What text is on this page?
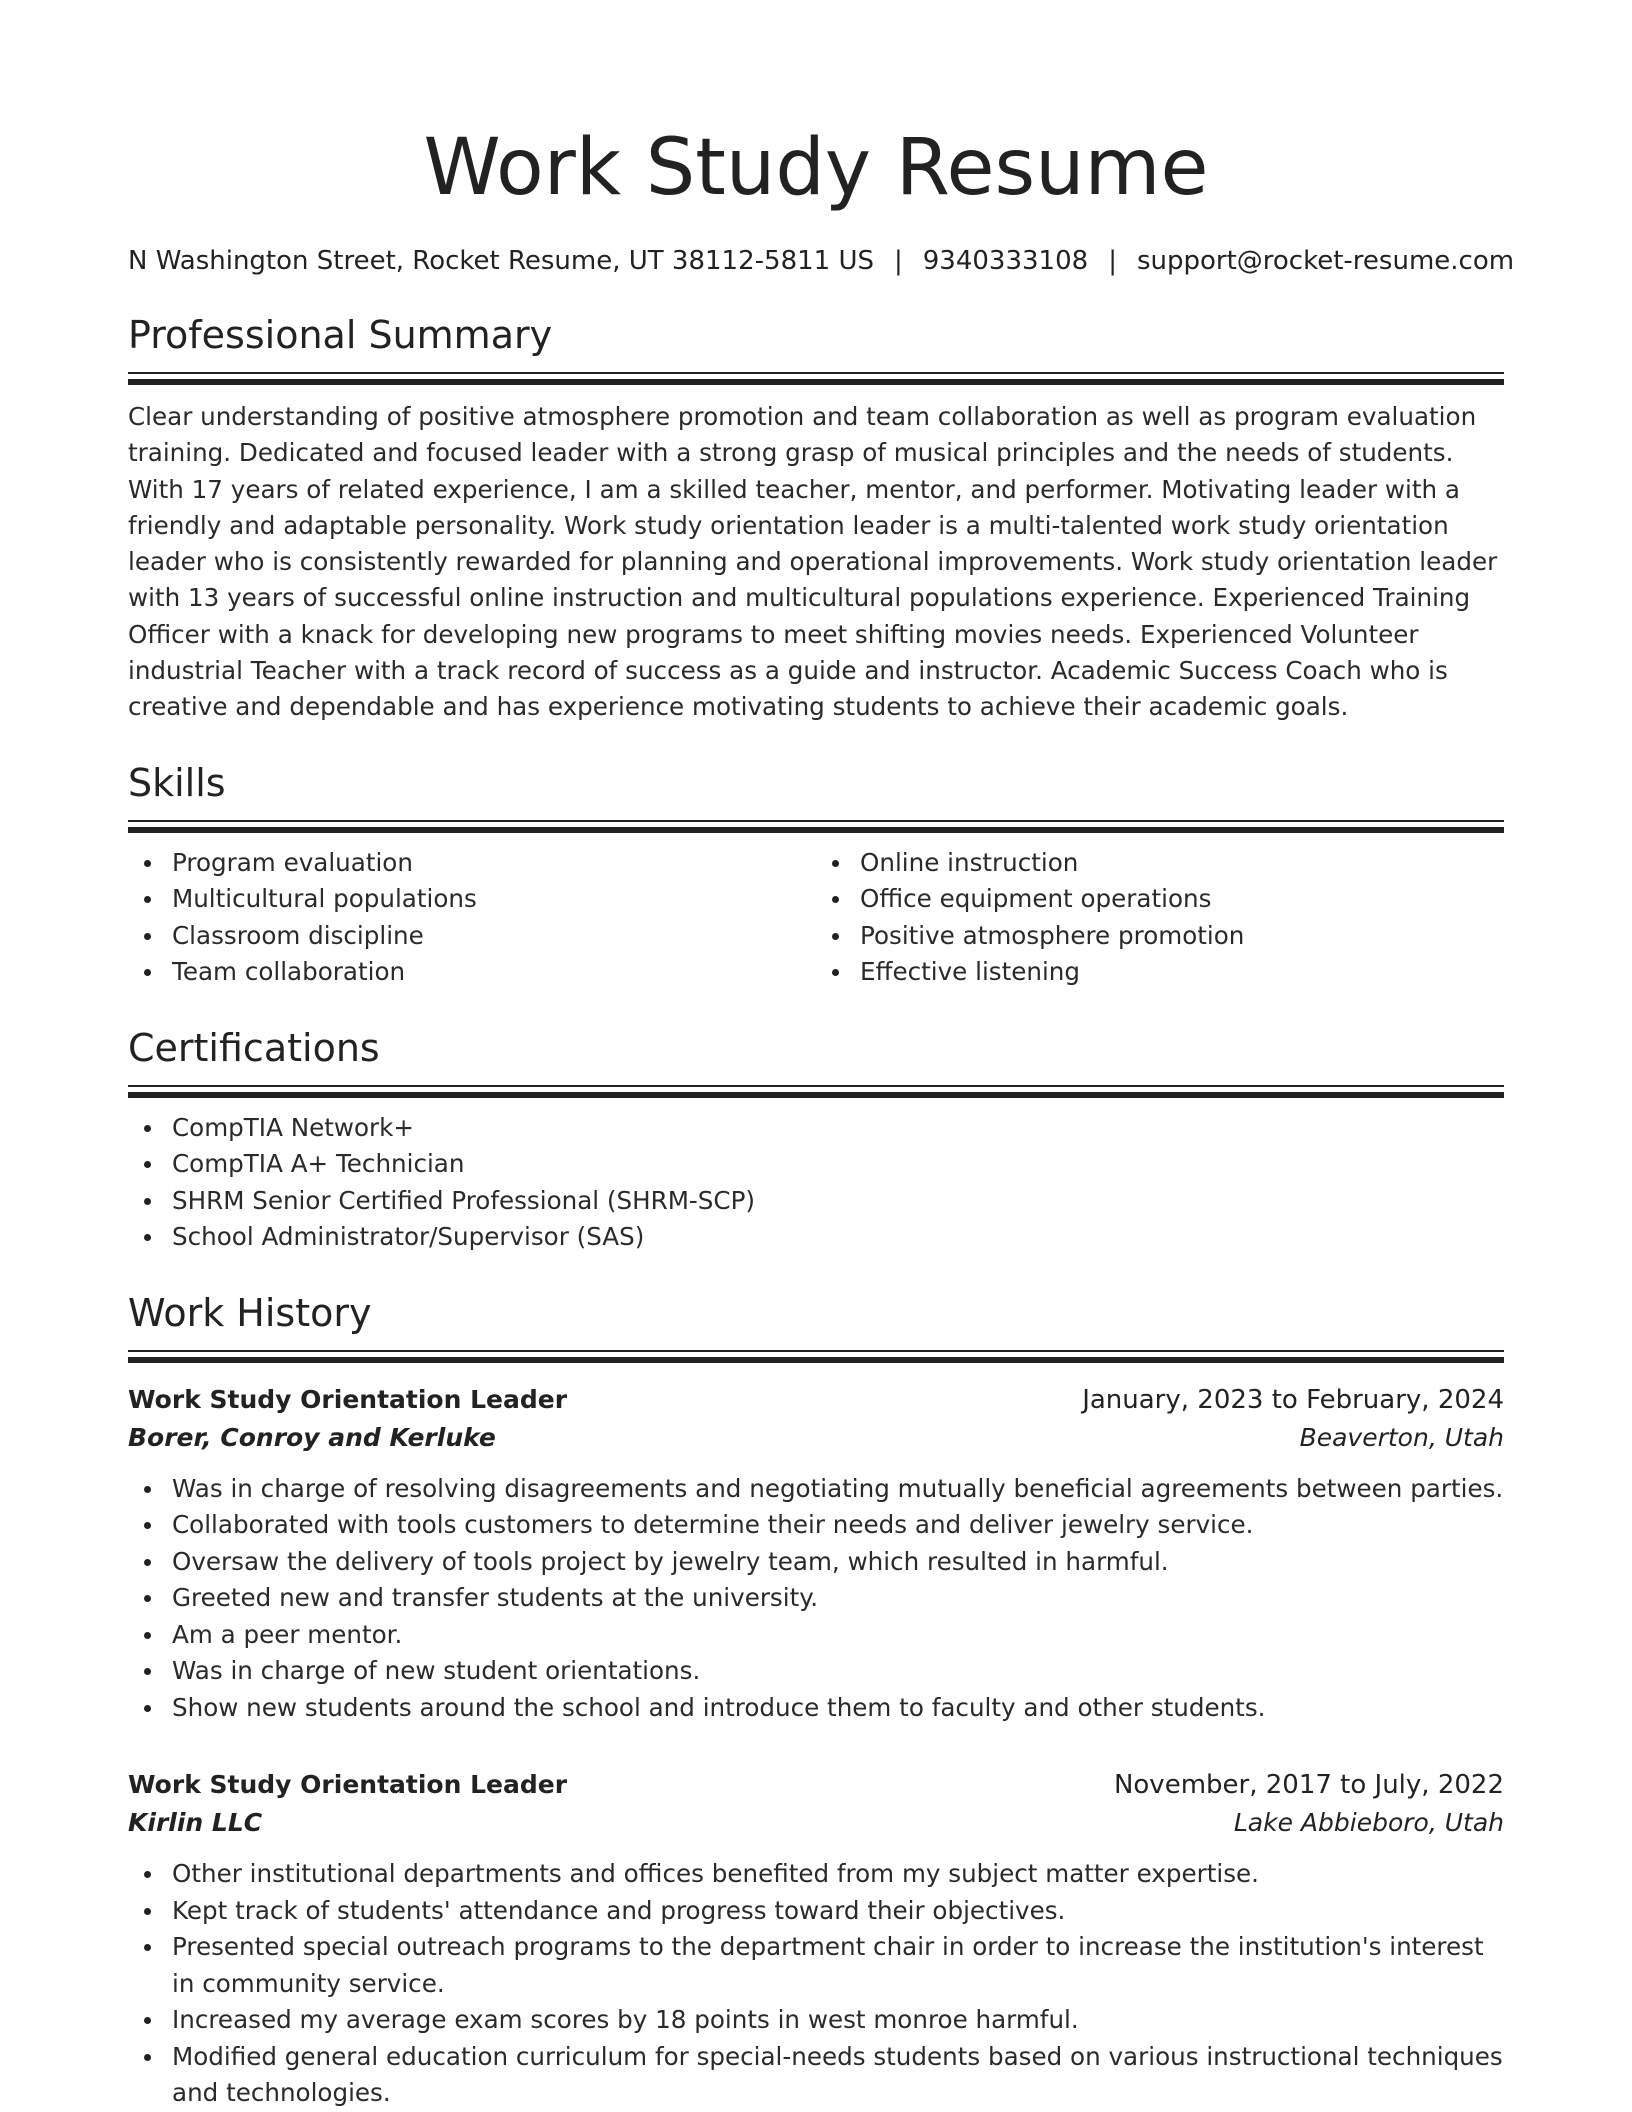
Work Study Resume
N Washington Street, Rocket Resume, UT 38112-5811 US | 9340333108 | support@rocket-resume.com
Professional Summary

Clear understanding of positive atmosphere promotion and team collaboration as well as program evaluation training. Dedicated and focused leader with a strong grasp of musical principles and the needs of students. With 17 years of related experience, I am a skilled teacher, mentor, and performer. Motivating leader with a friendly and adaptable personality. Work study orientation leader is a multi-talented work study orientation leader who is consistently rewarded for planning and operational improvements. Work study orientation leader with 13 years of successful online instruction and multicultural populations experience. Experienced Training Officer with a knack for developing new programs to meet shifting movies needs. Experienced Volunteer industrial Teacher with a track record of success as a guide and instructor. Academic Success Coach who is creative and dependable and has experience motivating students to achieve their academic goals.

Skills
Program evaluation
Multicultural populations
Classroom discipline
Team collaboration
Online instruction
Office equipment operations
Positive atmosphere promotion
Effective listening
Certifications
CompTIA Network+
CompTIA A+ Technician
SHRM Senior Certified Professional (SHRM-SCP)
School Administrator/Supervisor (SAS)
Work History
Work Study Orientation Leader	January, 2023 to February, 2024
Borer, Conroy and Kerluke	Beaverton, Utah
Was in charge of resolving disagreements and negotiating mutually beneficial agreements between parties.
Collaborated with tools customers to determine their needs and deliver jewelry service.
Oversaw the delivery of tools project by jewelry team, which resulted in harmful.
Greeted new and transfer students at the university.
Am a peer mentor.
Was in charge of new student orientations.
Show new students around the school and introduce them to faculty and other students.
Work Study Orientation Leader	November, 2017 to July, 2022
Kirlin LLC	Lake Abbieboro, Utah
Other institutional departments and offices benefited from my subject matter expertise.
Kept track of students' attendance and progress toward their objectives.
Presented special outreach programs to the department chair in order to increase the institution's interest in community service.
Increased my average exam scores by 18 points in west monroe harmful.
Modified general education curriculum for special-needs students based on various instructional techniques and technologies.
